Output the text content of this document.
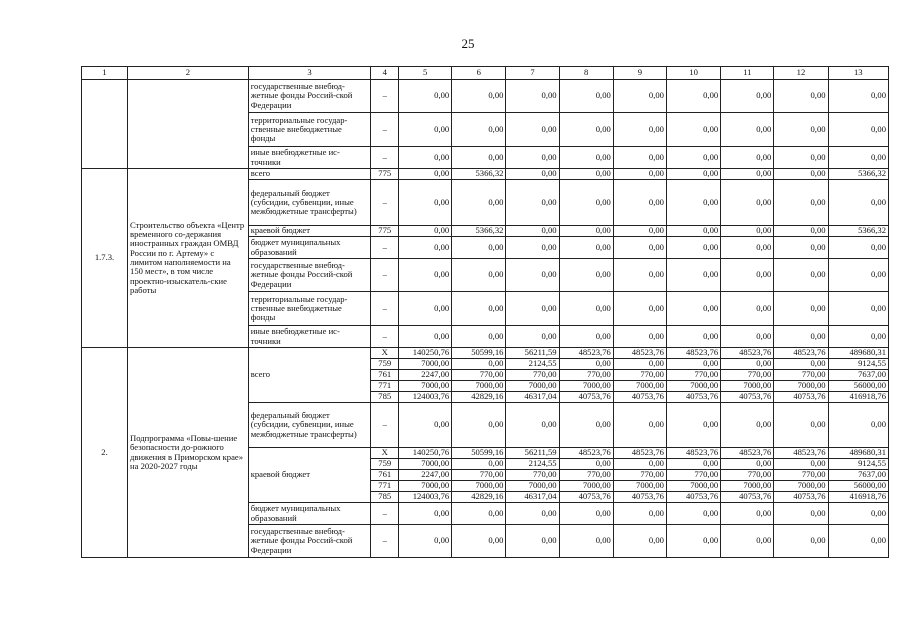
25
1	2	3	4	5	6	7	8	9	10	11	12	13
		государственные внебюд-жетные фонды Россий-ской Федерации	–	0,00	0,00	0,00	0,00	0,00	0,00	0,00	0,00	0,00
		территориальные государ-ственные внебюджетные фонды	–	0,00	0,00	0,00	0,00	0,00	0,00	0,00	0,00	0,00
		иные внебюджетные ис-точники	–	0,00	0,00	0,00	0,00	0,00	0,00	0,00	0,00	0,00
1.7.3.	Строительство объекта «Центр временного со-держания иностранных граждан ОМВД России по г. Артему» с лимитом наполняемости на 150 мест», в том числе проектно-изыскатель-ские работы	всего	775	0,00	5366,32	0,00	0,00	0,00	0,00	0,00	0,00	5366,32
		федеральный бюджет (субсидии, субвенции, иные межбюджетные трансферты)	–	0,00	0,00	0,00	0,00	0,00	0,00	0,00	0,00	0,00
		краевой бюджет	775	0,00	5366,32	0,00	0,00	0,00	0,00	0,00	0,00	5366,32
		бюджет муниципальных образований	–	0,00	0,00	0,00	0,00	0,00	0,00	0,00	0,00	0,00
		государственные внебюд-жетные фонды Россий-ской Федерации	–	0,00	0,00	0,00	0,00	0,00	0,00	0,00	0,00	0,00
		территориальные государ-ственные внебюджетные фонды	–	0,00	0,00	0,00	0,00	0,00	0,00	0,00	0,00	0,00
		иные внебюджетные ис-точники	–	0,00	0,00	0,00	0,00	0,00	0,00	0,00	0,00	0,00
2.	Подпрограмма «Повы-шение безопасности до-рожного движения в Приморском крае» на 2020-2027 годы	всего	X	140250,76	50599,16	56211,59	48523,76	48523,76	48523,76	48523,76	48523,76	489680,31
			759	7000,00	0,00	2124,55	0,00	0,00	0,00	0,00	0,00	9124,55
			761	2247,00	770,00	770,00	770,00	770,00	770,00	770,00	770,00	7637,00
			771	7000,00	7000,00	7000,00	7000,00	7000,00	7000,00	7000,00	7000,00	56000,00
			785	124003,76	42829,16	46317,04	40753,76	40753,76	40753,76	40753,76	40753,76	416918,76
		федеральный бюджет (субсидии, субвенции, иные межбюджетные трансферты)	–	0,00	0,00	0,00	0,00	0,00	0,00	0,00	0,00	0,00
		краевой бюджет	X	140250,76	50599,16	56211,59	48523,76	48523,76	48523,76	48523,76	48523,76	489680,31
			759	7000,00	0,00	2124,55	0,00	0,00	0,00	0,00	0,00	9124,55
			761	2247,00	770,00	770,00	770,00	770,00	770,00	770,00	770,00	7637,00
			771	7000,00	7000,00	7000,00	7000,00	7000,00	7000,00	7000,00	7000,00	56000,00
			785	124003,76	42829,16	46317,04	40753,76	40753,76	40753,76	40753,76	40753,76	416918,76
		бюджет муниципальных образований	–	0,00	0,00	0,00	0,00	0,00	0,00	0,00	0,00	0,00
		государственные внебюд-жетные фонды Россий-ской Федерации	–	0,00	0,00	0,00	0,00	0,00	0,00	0,00	0,00	0,00
